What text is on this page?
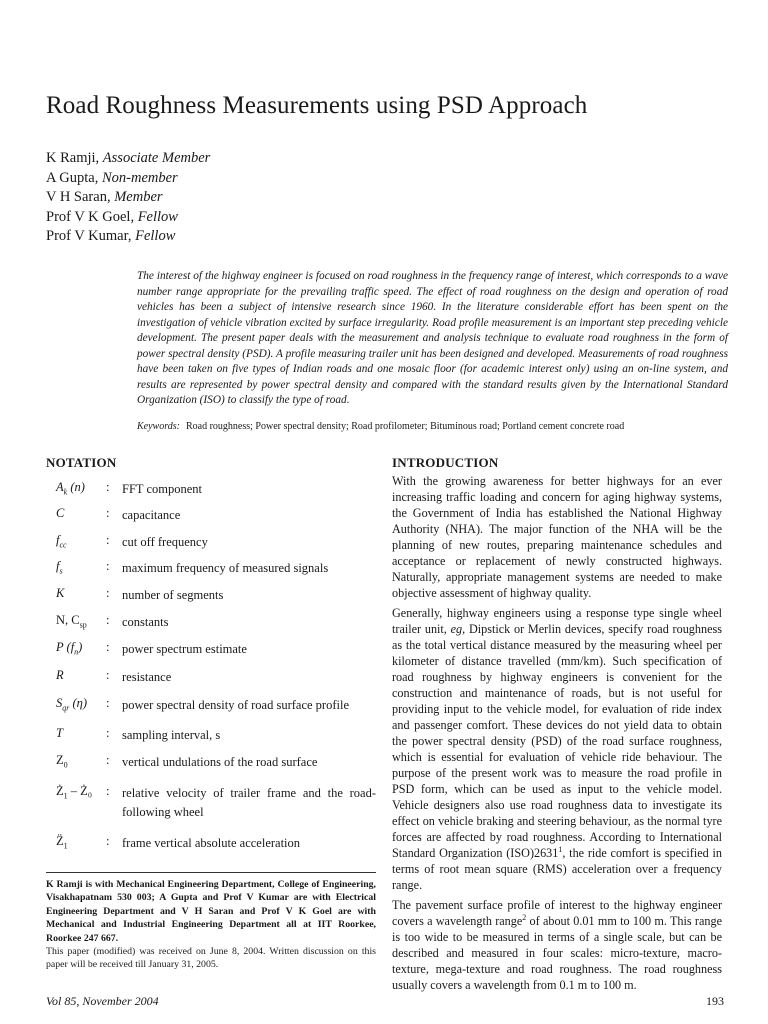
Road Roughness Measurements using PSD Approach
K Ramji, Associate Member
A Gupta, Non-member
V H Saran, Member
Prof V K Goel, Fellow
Prof V Kumar, Fellow
The interest of the highway engineer is focused on road roughness in the frequency range of interest, which corresponds to a wave number range appropriate for the prevailing traffic speed. The effect of road roughness on the design and operation of road vehicles has been a subject of intensive research since 1960. In the literature considerable effort has been spent on the investigation of vehicle vibration excited by surface irregularity. Road profile measurement is an important step preceding vehicle development. The present paper deals with the measurement and analysis technique to evaluate road roughness in the form of power spectral density (PSD). A profile measuring trailer unit has been designed and developed. Measurements of road roughness have been taken on five types of Indian roads and one mosaic floor (for academic interest only) using an on-line system, and results are represented by power spectral density and compared with the standard results given by the International Standard Organization (ISO) to classify the type of road.
Keywords: Road roughness; Power spectral density; Road profilometer; Bituminous road; Portland cement concrete road
NOTATION
$A_k$ (n)	: FFT component
C	: capacitance
$f_{cc}$	: cut off frequency
$f_s$	: maximum frequency of measured signals
K	: number of segments
N, $C_{sp}$	: constants
P $(f_n)$	: power spectrum estimate
R	: resistance
$S_{qr}$ (η)	: power spectral density of road surface profile
T	: sampling interval, s
$Z_0$	: vertical undulations of the road surface
$Ż_1$ – Ż₀	: relative velocity of trailer frame and the road-following wheel
$Z̈_1$	: frame vertical absolute acceleration
K Ramji is with Mechanical Engineering Department, College of Engineering, Visakhapatnam 530 003; A Gupta and Prof V Kumar are with Electrical Engineering Department and V H Saran and Prof V K Goel are with Mechanical and Industrial Engineering Department all at IIT Roorkee, Roorkee 247 667.
This paper (modified) was received on June 8, 2004. Written discussion on this paper will be received till January 31, 2005.
INTRODUCTION

With the growing awareness for better highways for an ever increasing traffic loading and concern for aging highway systems, the Government of India has established the National Highway Authority (NHA). The major function of the NHA will be the planning of new routes, preparing maintenance schedules and acceptance or replacement of newly constructed highways. Naturally, appropriate management systems are needed to make objective assessment of highway quality.

Generally, highway engineers using a response type single wheel trailer unit, eg, Dipstick or Merlin devices, specify road roughness as the total vertical distance measured by the measuring wheel per kilometer of distance travelled (mm/km). Such specification of road roughness by highway engineers is convenient for the construction and maintenance of roads, but is not useful for providing input to the vehicle model, for evaluation of ride index and passenger comfort. These devices do not yield data to obtain the power spectral density (PSD) of the road surface roughness, which is essential for evaluation of vehicle ride behaviour. The purpose of the present work was to measure the road profile in PSD form, which can be used as input to the vehicle model. Vehicle designers also use road roughness data to investigate its effect on vehicle braking and steering behaviour, as the normal tyre forces are affected by road roughness. According to International Standard Organization (ISO)2631$^1$, the ride comfort is specified in terms of root mean square (RMS) acceleration over a frequency range.

The pavement surface profile of interest to the highway engineer covers a wavelength range$^2$ of about 0.01 mm to 100 m. This range is too wide to be measured in terms of a single scale, but can be described and measured in four scales: micro-texture, macro-texture, mega-texture and road roughness. The road roughness usually covers a wavelength from 0.1 m to 100 m.

Vol 85, November 2004	193
